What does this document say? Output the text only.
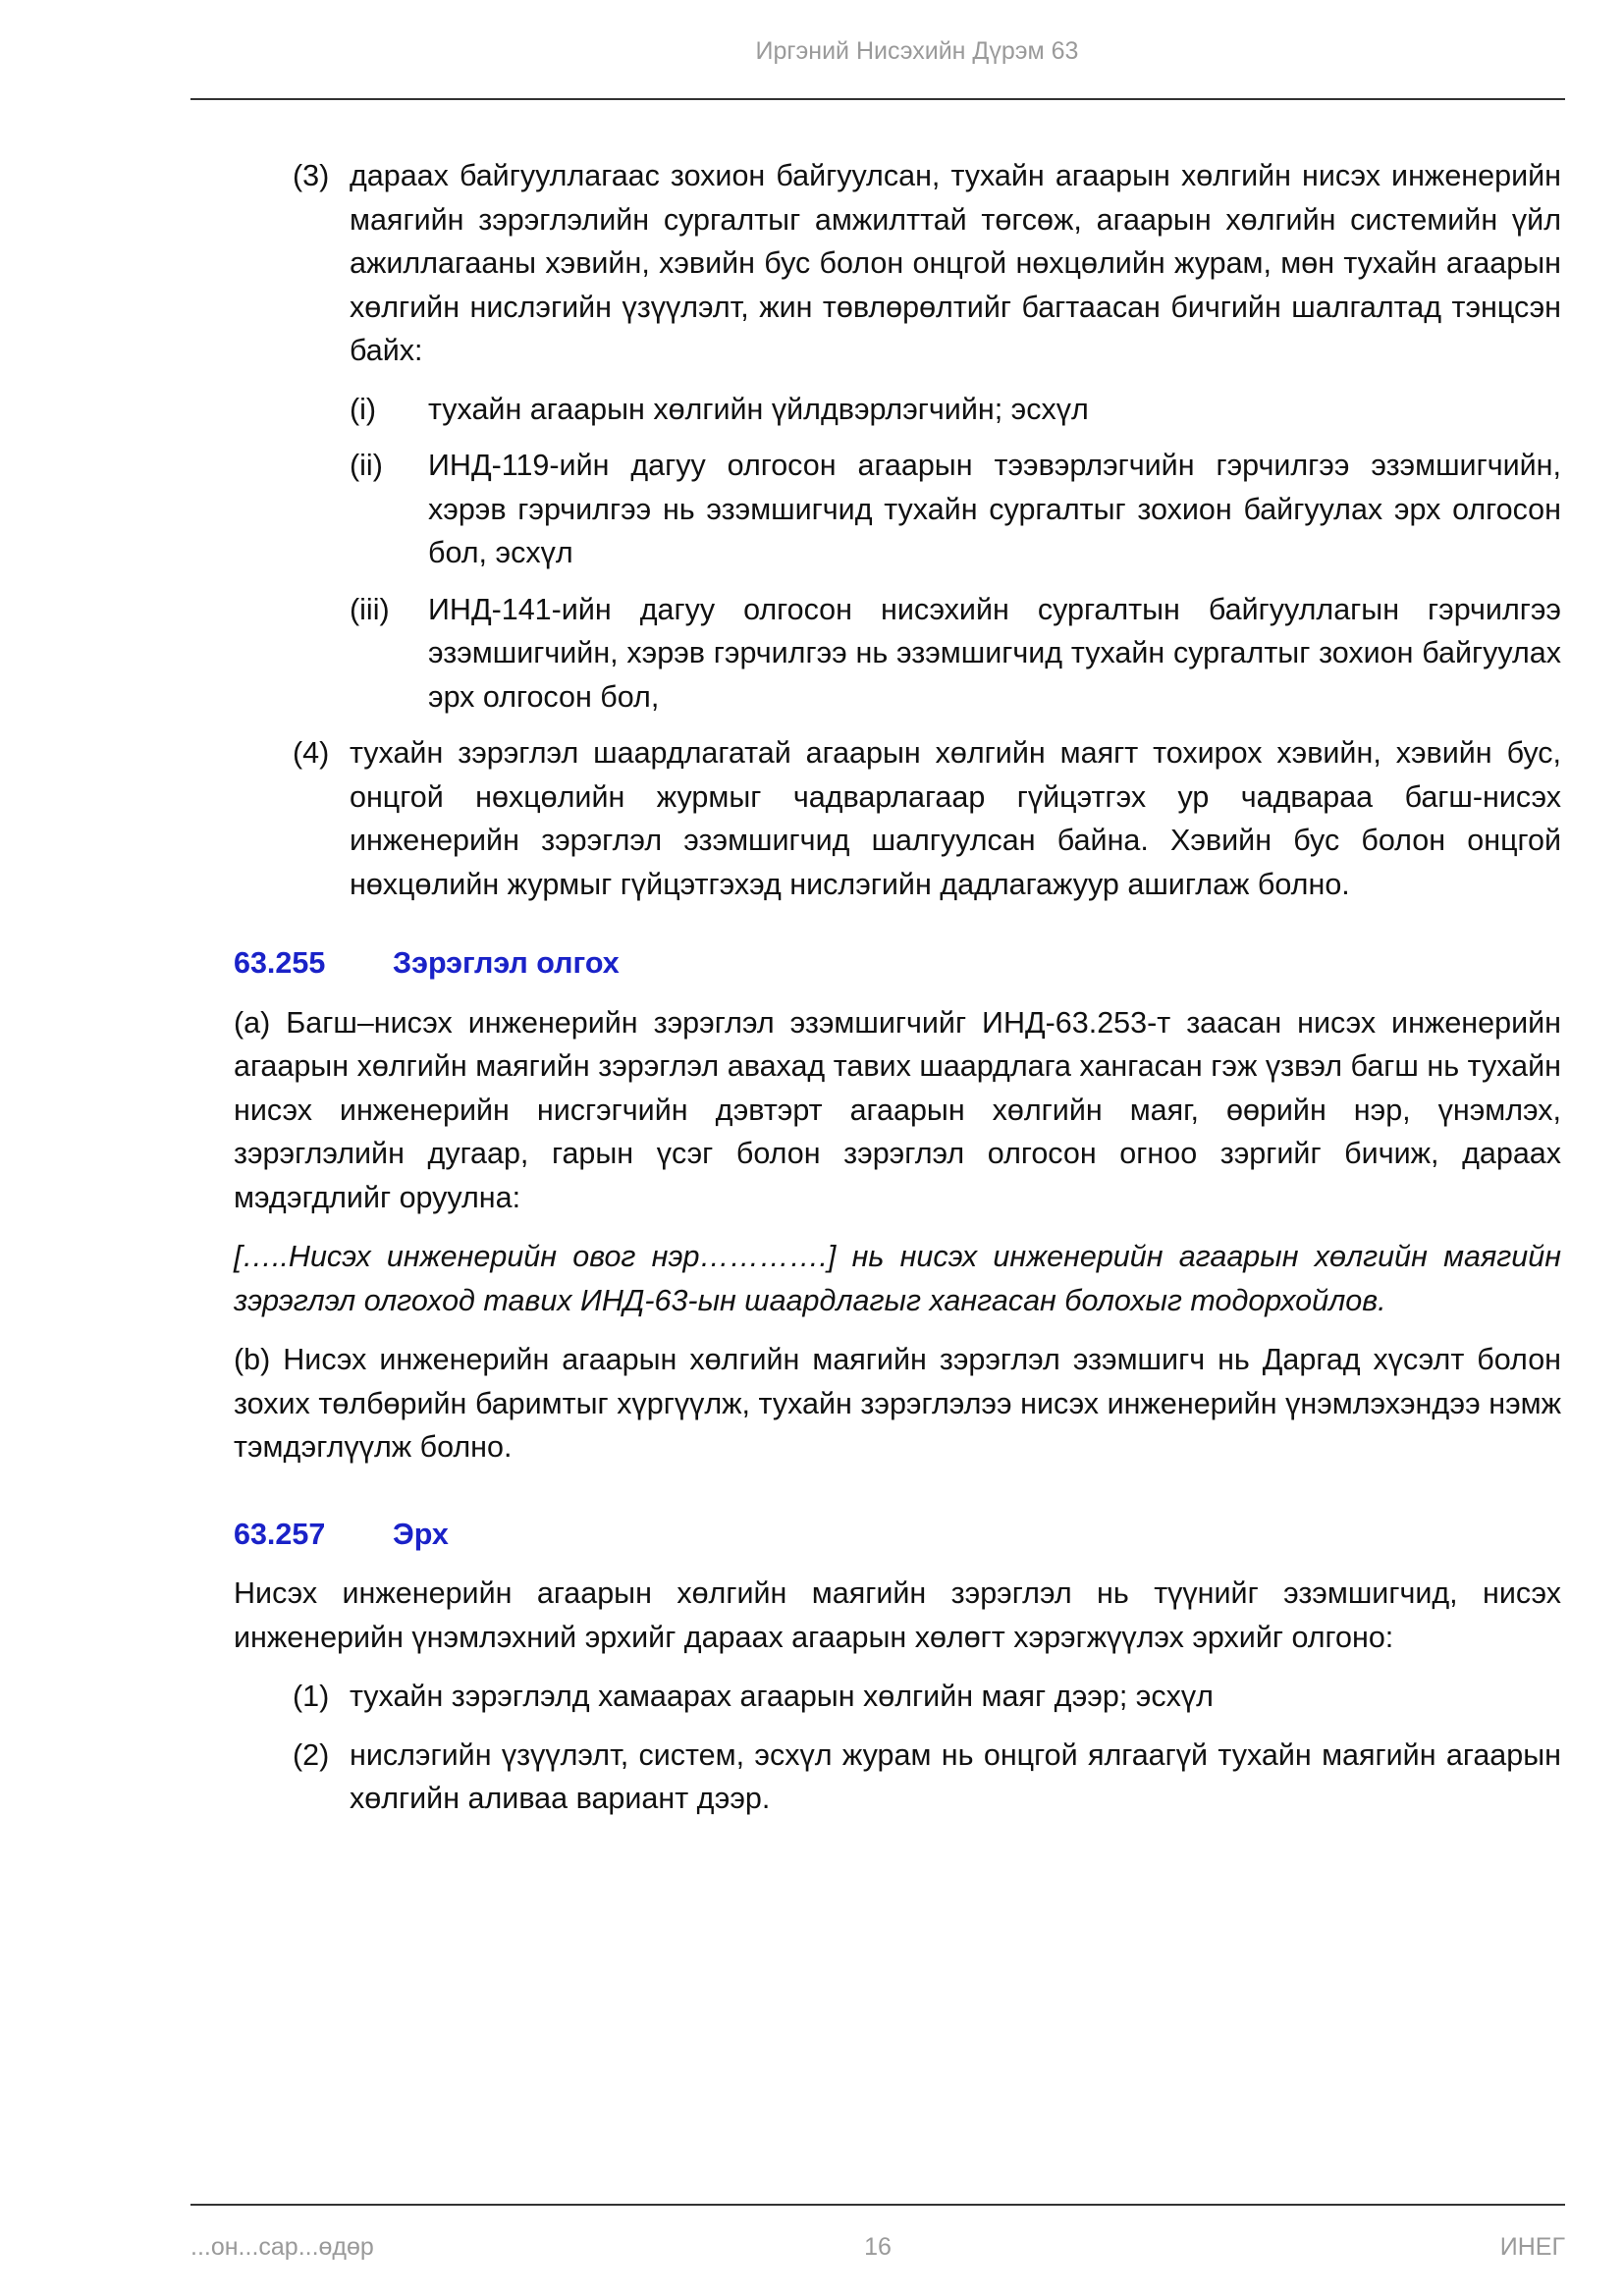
Иргэний Нисэхийн Дүрэм 63
(3) дараах байгууллагаас зохион байгуулсан, тухайн агаарын хөлгийн нисэх инженерийн маягийн зэрэглэлийн сургалтыг амжилттай төгсөж, агаарын хөлгийн системийн үйл ажиллагааны хэвийн, хэвийн бус болон онцгой нөхцөлийн журам, мөн тухайн агаарын хөлгийн нислэгийн үзүүлэлт, жин төвлөрөлтийг багтаасан бичгийн шалгалтад тэнцсэн байх:
(i)	тухайн агаарын хөлгийн үйлдвэрлэгчийн; эсхүл
(ii)	ИНД-119-ийн дагуу олгосон агаарын тээвэрлэгчийн гэрчилгээ эзэмшигчийн, хэрэв гэрчилгээ нь эзэмшигчид тухайн сургалтыг зохион байгуулах эрх олгосон бол, эсхүл
(iii)	ИНД-141-ийн дагуу олгосон нисэхийн сургалтын байгууллагын гэрчилгээ эзэмшигчийн, хэрэв гэрчилгээ нь эзэмшигчид тухайн сургалтыг зохион байгуулах эрх олгосон бол,
(4) тухайн зэрэглэл шаардлагатай агаарын хөлгийн маягт тохирох хэвийн, хэвийн бус, онцгой нөхцөлийн журмыг чадварлагаар гүйцэтгэх ур чадвараа багш-нисэх инженерийн зэрэглэл эзэмшигчид шалгуулсан байна. Хэвийн бус болон онцгой нөхцөлийн журмыг гүйцэтгэхэд нислэгийн дадлагажуур ашиглаж болно.
63.255	Зэрэглэл олгох

(a) Багш–нисэх инженерийн зэрэглэл эзэмшигчийг ИНД-63.253-т заасан нисэх инженерийн агаарын хөлгийн маягийн зэрэглэл авахад тавих шаардлага хангасан гэж үзвэл багш нь тухайн нисэх инженерийн нисгэгчийн дэвтэрт агаарын хөлгийн маяг, өөрийн нэр, үнэмлэх, зэрэглэлийн дугаар, гарын үсэг болон зэрэглэл олгосон огноо зэргийг бичиж, дараах мэдэгдлийг оруулна:

[…..Нисэх инженерийн овог нэр………….] нь нисэх инженерийн агаарын хөлгийн маягийн зэрэглэл олгоход тавих ИНД-63-ын шаардлагыг хангасан болохыг тодорхойлов.

(b) Нисэх инженерийн агаарын хөлгийн маягийн зэрэглэл эзэмшигч нь Даргад хүсэлт болон зохих төлбөрийн баримтыг хүргүүлж, тухайн зэрэглэлээ нисэх инженерийн үнэмлэхэндээ нэмж тэмдэглүүлж болно.

63.257	Эрх

Нисэх инженерийн агаарын хөлгийн маягийн зэрэглэл нь түүнийг эзэмшигчид, нисэх инженерийн үнэмлэхний эрхийг дараах агаарын хөлөгт хэрэгжүүлэх эрхийг олгоно:

(1) тухайн зэрэглэлд хамаарах агаарын хөлгийн маяг дээр; эсхүл
(2) нислэгийн үзүүлэлт, систем, эсхүл журам нь онцгой ялгаагүй тухайн маягийн агаарын хөлгийн аливаа вариант дээр.
...он...сар...өдөр	16	ИНЕГ
